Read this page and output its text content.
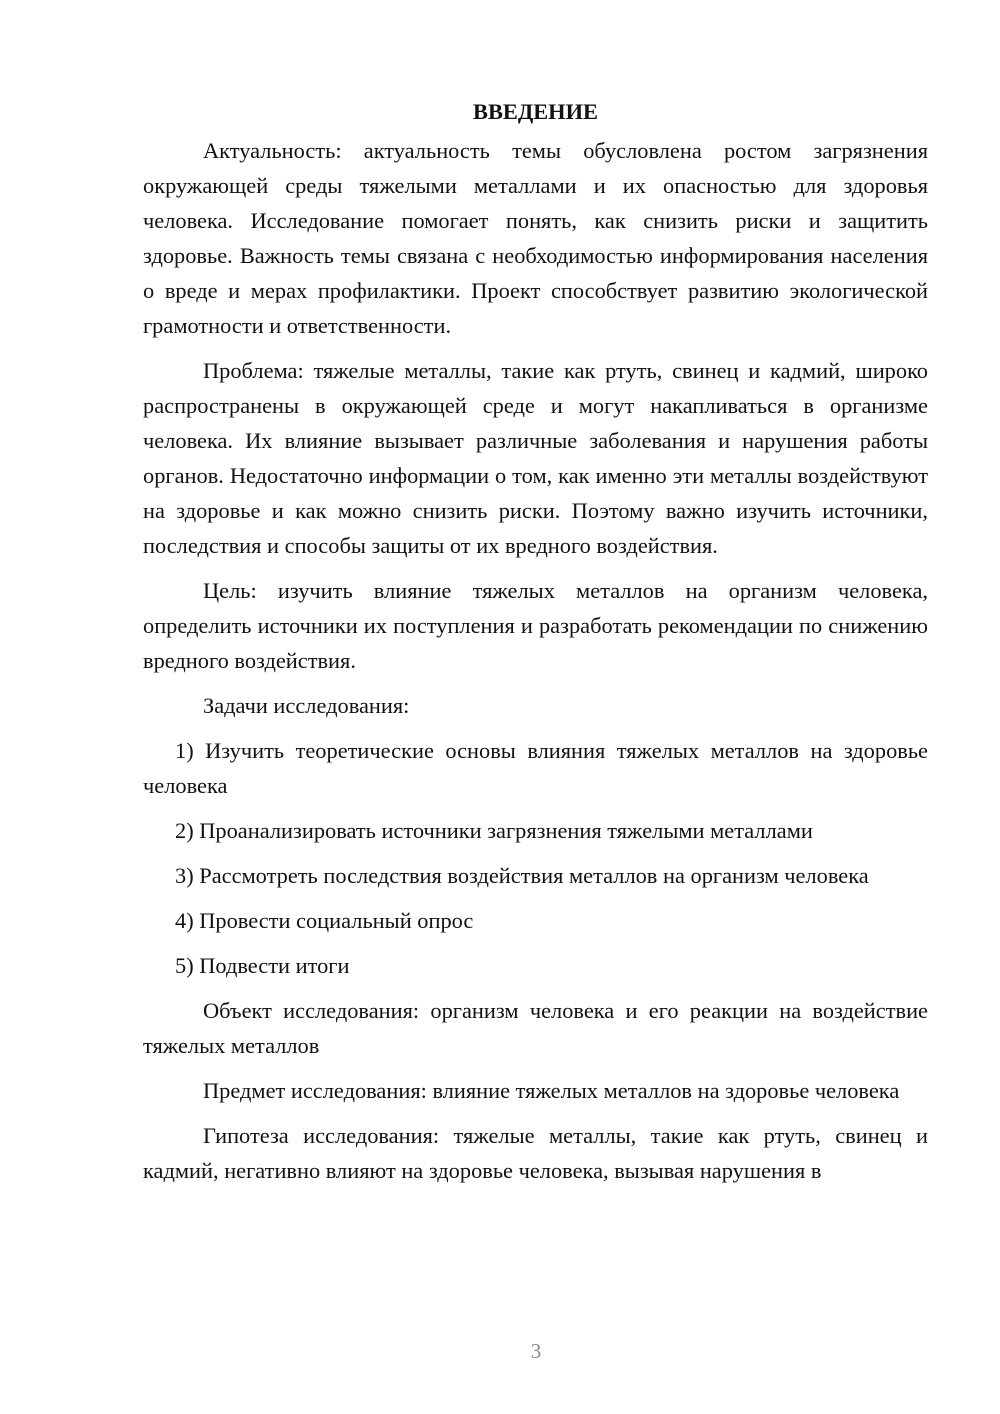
ВВЕДЕНИЕ

Актуальность: актуальность темы обусловлена ростом загрязнения окружающей среды тяжелыми металлами и их опасностью для здоровья человека. Исследование помогает понять, как снизить риски и защитить здоровье. Важность темы связана с необходимостью информирования населения о вреде и мерах профилактики. Проект способствует развитию экологической грамотности и ответственности.

Проблема: тяжелые металлы, такие как ртуть, свинец и кадмий, широко распространены в окружающей среде и могут накапливаться в организме человека. Их влияние вызывает различные заболевания и нарушения работы органов. Недостаточно информации о том, как именно эти металлы воздействуют на здоровье и как можно снизить риски. Поэтому важно изучить источники, последствия и способы защиты от их вредного воздействия.

Цель: изучить влияние тяжелых металлов на организм человека, определить источники их поступления и разработать рекомендации по снижению вредного воздействия.

Задачи исследования:

1) Изучить теоретические основы влияния тяжелых металлов на здоровье человека

2) Проанализировать источники загрязнения тяжелыми металлами

3) Рассмотреть последствия воздействия металлов на организм человека

4) Провести социальный опрос

5) Подвести итоги

Объект исследования: организм человека и его реакции на воздействие тяжелых металлов

Предмет исследования: влияние тяжелых металлов на здоровье человека

Гипотеза исследования: тяжелые металлы, такие как ртуть, свинец и кадмий, негативно влияют на здоровье человека, вызывая нарушения в

3
